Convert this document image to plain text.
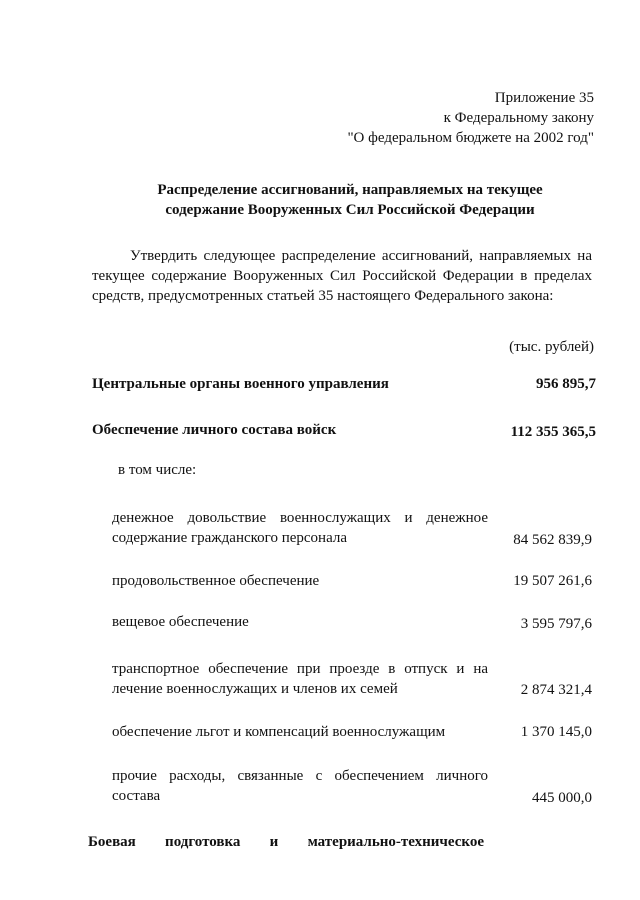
Приложение 35
к Федеральному закону
"О федеральном бюджете на 2002 год"
Распределение ассигнований, направляемых на текущее
содержание Вооруженных Сил Российской Федерации
Утвердить следующее распределение ассигнований, направляемых на текущее содержание Вооруженных Сил Российской Федерации в пределах средств, предусмотренных статьей 35 настоящего Федерального закона:
(тыс. рублей)
Центральные органы военного управления	956 895,7
Обеспечение личного состава войск	112 355 365,5
в том числе:
денежное довольствие военнослужащих и денежное содержание гражданского персонала	84 562 839,9
продовольственное обеспечение	19 507 261,6
вещевое обеспечение	3 595 797,6
транспортное обеспечение при проезде в отпуск и на лечение военнослужащих и членов их семей	2 874 321,4
обеспечение льгот и компенсаций военнослужащим	1 370 145,0
прочие расходы, связанные с обеспечением личного состава	445 000,0
Боевая подготовка и материально-техническое
